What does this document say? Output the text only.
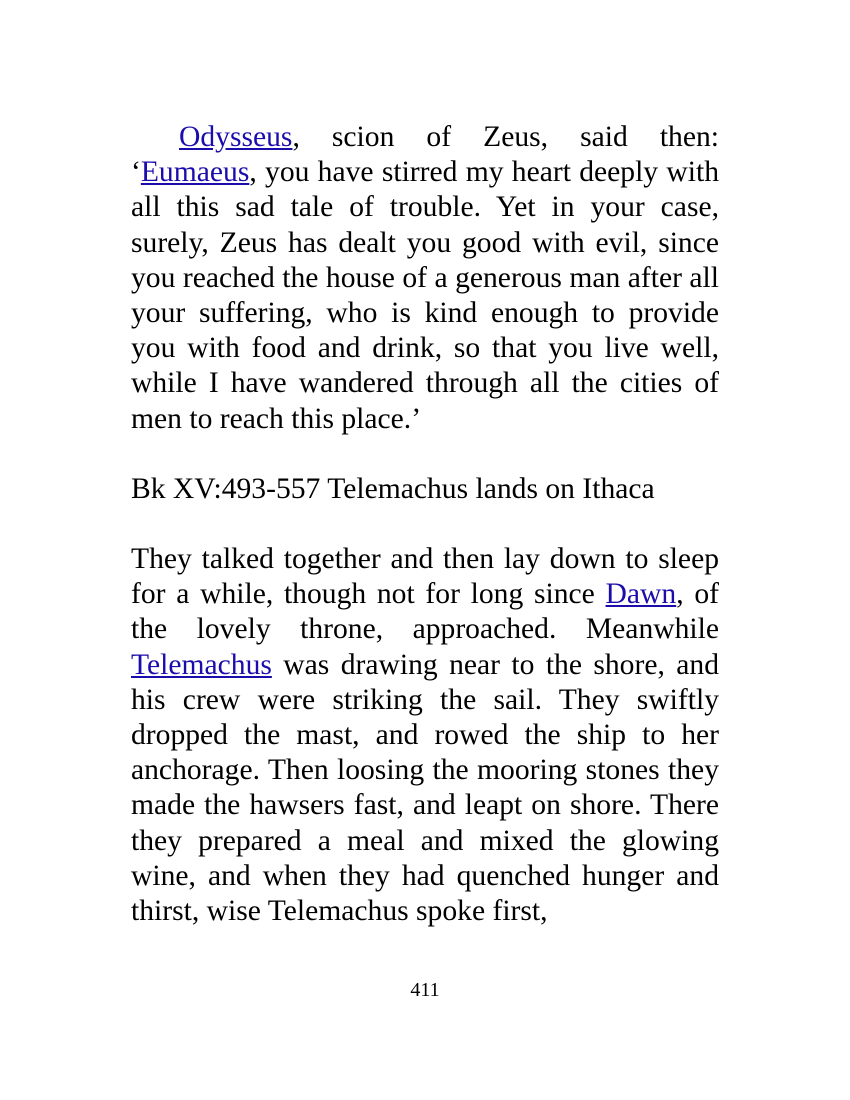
Odysseus, scion of Zeus, said then: ‘Eumaeus, you have stirred my heart deeply with all this sad tale of trouble. Yet in your case, surely, Zeus has dealt you good with evil, since you reached the house of a generous man after all your suffering, who is kind enough to provide you with food and drink, so that you live well, while I have wandered through all the cities of men to reach this place.’

Bk XV:493-557 Telemachus lands on Ithaca

They talked together and then lay down to sleep for a while, though not for long since Dawn, of the lovely throne, approached. Meanwhile Telemachus was drawing near to the shore, and his crew were striking the sail. They swiftly dropped the mast, and rowed the ship to her anchorage. Then loosing the mooring stones they made the hawsers fast, and leapt on shore. There they prepared a meal and mixed the glowing wine, and when they had quenched hunger and thirst, wise Telemachus spoke first,

411
